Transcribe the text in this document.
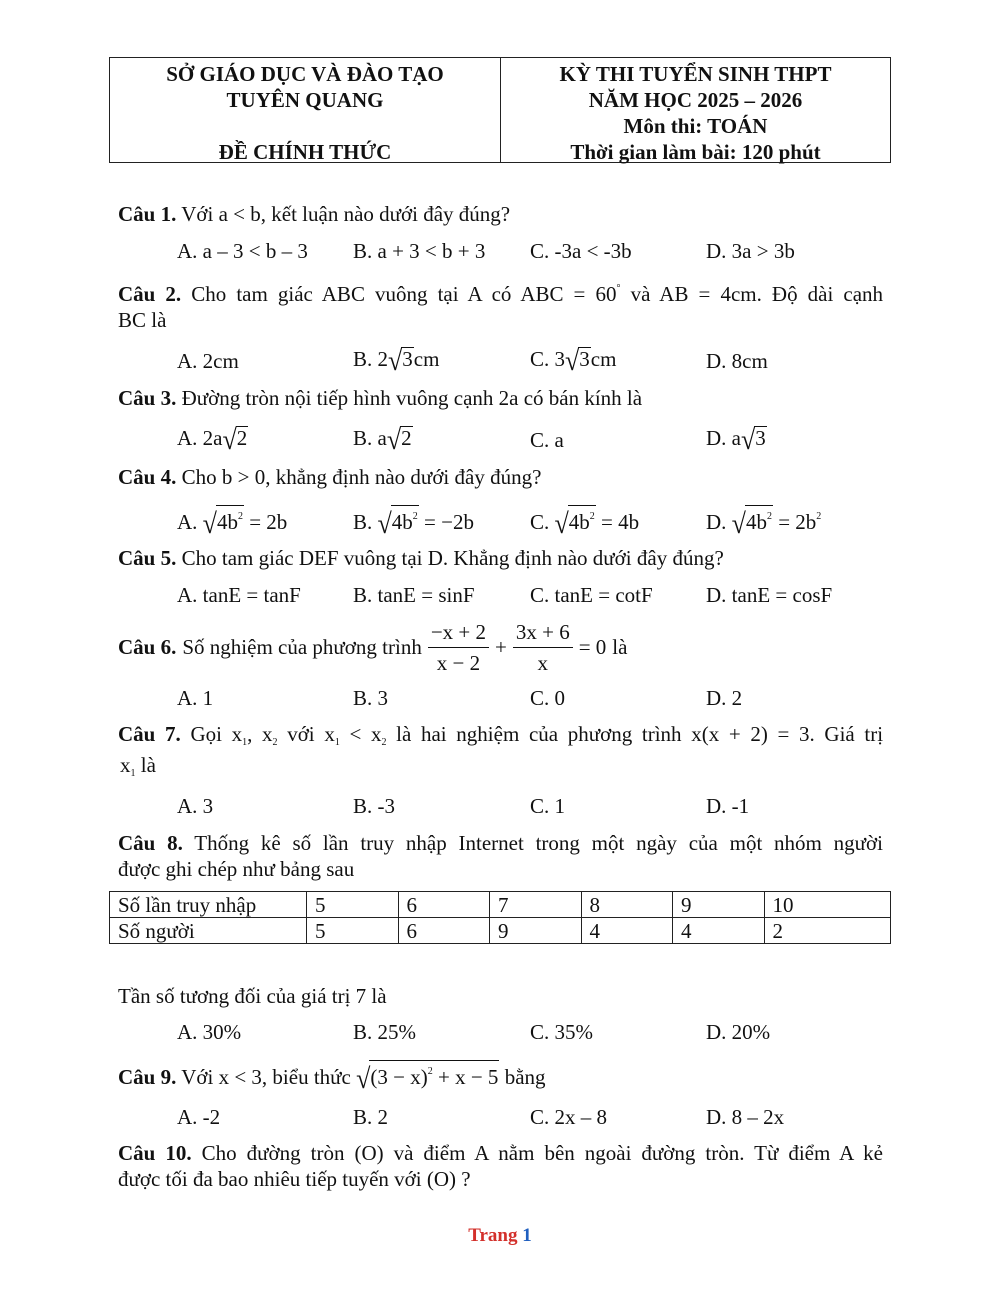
SỞ GIÁO DỤC VÀ ĐÀO TẠO
TUYÊN QUANG
ĐỀ CHÍNH THỨC
KỲ THI TUYỂN SINH THPT
NĂM HỌC 2025 – 2026
Môn thi: TOÁN
Thời gian làm bài: 120 phút
Câu 1. Với a < b, kết luận nào dưới đây đúng?
A. a – 3 < b – 3 B. a + 3 < b + 3 C. -3a < -3b	D. 3a > 3b
Câu 2. Cho tam giác ABC vuông tại A có ABC = 60° và AB = 4cm. Độ dài cạnh
BC là
A. 2cm	B. 2√3cm	C. 3√3cm	D. 8cm
Câu 3. Đường tròn nội tiếp hình vuông cạnh 2a có bán kính là
A. 2a√2	B. a√2	C. a	D. a√3
Câu 4. Cho b > 0, khẳng định nào dưới đây đúng?
A. $√4b^2 = 2b$	B. $√4b^2 = -2b$	C. $√4b^2 = 4b$	D. $√4b^2 = 2b^2$
Câu 5. Cho tam giác DEF vuông tại D. Khẳng định nào dưới đây đúng?
A. tanE = tanF B. tanE = sinF	C. tanE = cotF	D. tanE = cosF
Câu 6. Số nghiệm của phương trình $\frac{-x + 2}{x - 2} + \frac{3x + 6}{x} = 0$ là
A. 1	B. 3	C. 0	D. 2
Câu 7. Gọi $x_1$, $x_2$ với $x_1 < x_2$ là hai nghiệm của phương trình x(x + 2) = 3. Giá trị
$x_1$ là
A. 3	B. -3	C. 1	D. -1
Câu 8. Thống kê số lần truy nhập Internet trong một ngày của một nhóm người
được ghi chép như bảng sau
Số lần truy nhập	5	6	7	8	9	10
Số người	5	6	9	4	4	2
Tần số tương đối của giá trị 7 là
A. 30%	B. 25%	C. 35%	D. 20%
Câu 9. Với x < 3, biểu thức $√(3 - x)^2 + x - 5$ bằng
A. -2	B. 2	C. 2x – 8	D. 8 – 2x
Câu 10. Cho đường tròn (O) và điểm A nằm bên ngoài đường tròn. Từ điểm A kẻ
được tối đa bao nhiêu tiếp tuyến với (O) ?
Trang 1
